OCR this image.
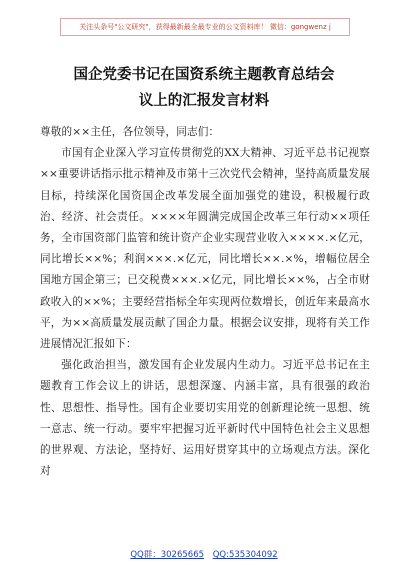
关注头条号"公文研究"，获得最新最全最专业的公文资料库！ 微信：gongwenz j
国企党委书记在国资系统主题教育总结会
议上的汇报发言材料

尊敬的××主任，各位领导，同志们：

市国有企业深入学习宣传贯彻党的XX大精神、习近平总书记视察××重要讲话指示批示精神及市第十三次党代会精神，坚持高质量发展目标，持续深化国资国企改革发展全面加强党的建设，积极履行政治、经济、社会责任。××××年圆满完成国企改革三年行动××项任务，全市国资部门监管和统计资产企业实现营业收入××××.×亿元，同比增长××%；利润×××.×亿元，同比增长××.×%，增幅位居全国地方国企第三；已交税费×××.×亿元，同比增长××%，占全市财政收入的××%；主要经营指标全年实现两位数增长，创近年来最高水平，为××高质量发展贡献了国企力量。根据会议安排，现将有关工作进展情况汇报如下：

强化政治担当，激发国有企业发展内生动力。习近平总书记在主题教育工作会议上的讲话，思想深邃、内涵丰富，具有很强的政治性、思想性、指导性。国有企业要切实用党的创新理论统一思想、统一意志、统一行动。要牢牢把握习近平新时代中国特色社会主义思想的世界观、方法论，坚持好、运用好贯穿其中的立场观点方法。深化对

QQ群：30265665 QQ:535304092
